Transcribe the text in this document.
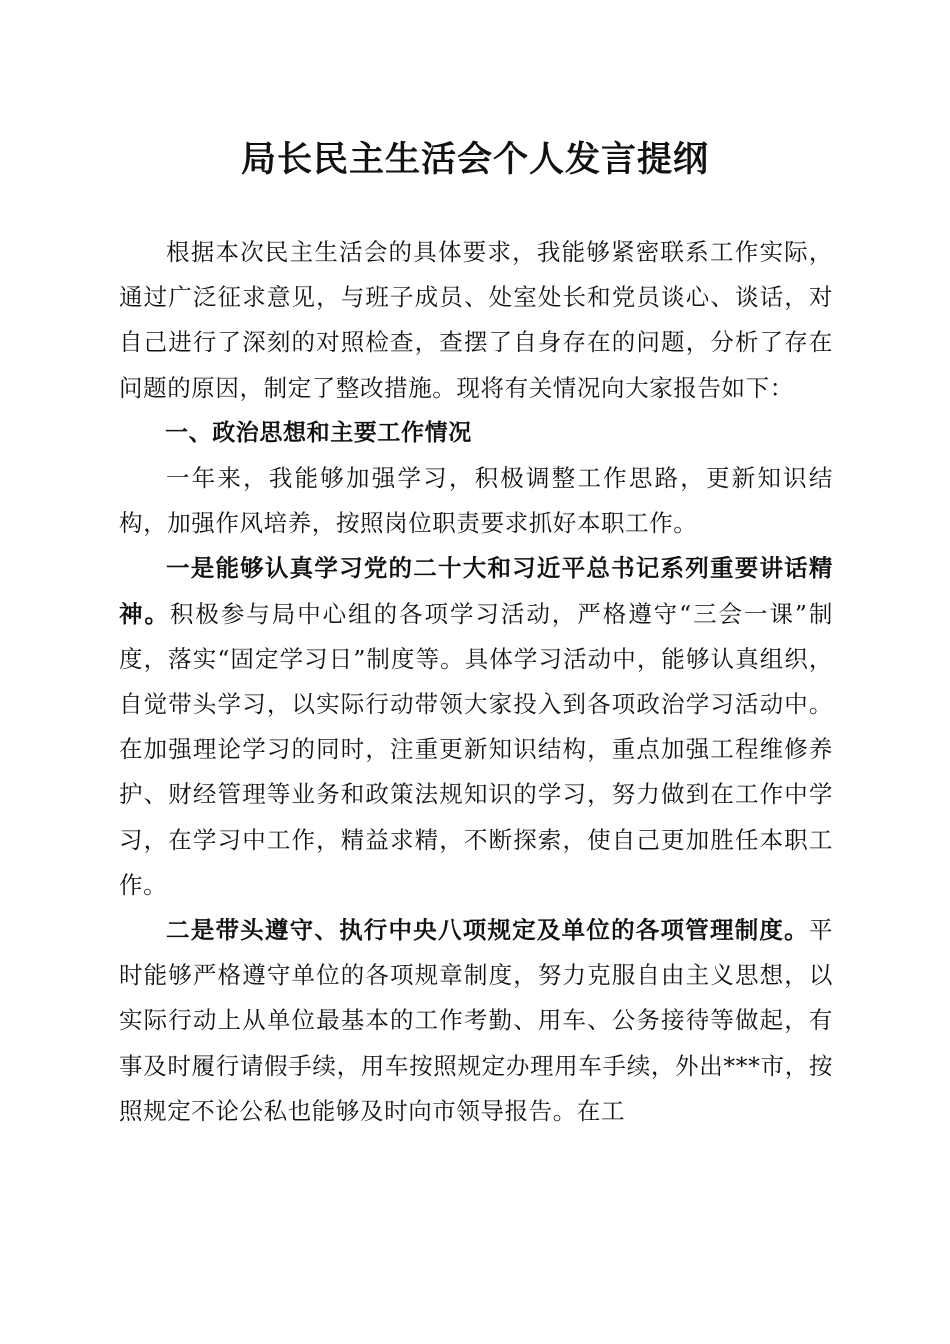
局长民主生活会个人发言提纲

根据本次民主生活会的具体要求，我能够紧密联系工作实际，通过广泛征求意见，与班子成员、处室处长和党员谈心、谈话，对自己进行了深刻的对照检查，查摆了自身存在的问题，分析了存在问题的原因，制定了整改措施。现将有关情况向大家报告如下：

一、政治思想和主要工作情况

一年来，我能够加强学习，积极调整工作思路，更新知识结构，加强作风培养，按照岗位职责要求抓好本职工作。

一是能够认真学习党的二十大和习近平总书记系列重要讲话精神。积极参与局中心组的各项学习活动，严格遵守“三会一课”制度，落实“固定学习日”制度等。具体学习活动中，能够认真组织，自觉带头学习，以实际行动带领大家投入到各项政治学习活动中。在加强理论学习的同时，注重更新知识结构，重点加强工程维修养护、财经管理等业务和政策法规知识的学习，努力做到在工作中学习，在学习中工作，精益求精，不断探索，使自己更加胜任本职工作。

二是带头遵守、执行中央八项规定及单位的各项管理制度。平时能够严格遵守单位的各项规章制度，努力克服自由主义思想，以实际行动上从单位最基本的工作考勤、用车、公务接待等做起，有事及时履行请假手续，用车按照规定办理用车手续，外出***市，按照规定不论公私也能够及时向市领导报告。在工
